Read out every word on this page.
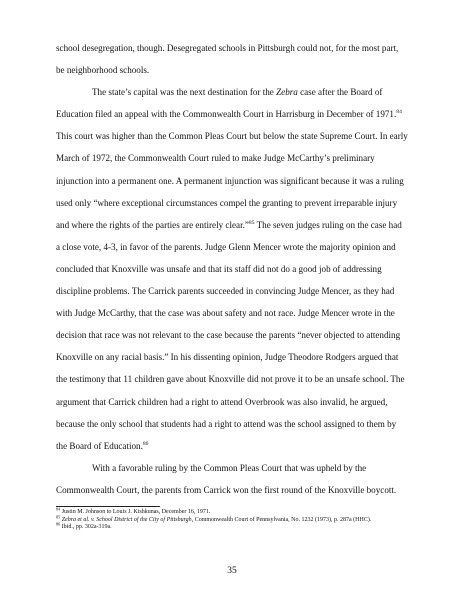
school desegregation, though. Desegregated schools in Pittsburgh could not, for the most part, be neighborhood schools.

The state’s capital was the next destination for the Zebra case after the Board of Education filed an appeal with the Commonwealth Court in Harrisburg in December of 1971.84 This court was higher than the Common Pleas Court but below the state Supreme Court. In early March of 1972, the Commonwealth Court ruled to make Judge McCarthy’s preliminary injunction into a permanent one. A permanent injunction was significant because it was a ruling used only “where exceptional circumstances compel the granting to prevent irreparable injury and where the rights of the parties are entirely clear.”$^{85}$ The seven judges ruling on the case had a close vote, 4-3, in favor of the parents. Judge Glenn Mencer wrote the majority opinion and concluded that Knoxville was unsafe and that its staff did not do a good job of addressing discipline problems. The Carrick parents succeeded in convincing Judge Mencer, as they had with Judge McCarthy, that the case was about safety and not race. Judge Mencer wrote in the decision that race was not relevant to the case because the parents “never objected to attending Knoxville on any racial basis.” In his dissenting opinion, Judge Theodore Rodgers argued that the testimony that 11 children gave about Knoxville did not prove it to be an unsafe school. The argument that Carrick children had a right to attend Overbrook was also invalid, he argued, because the only school that students had a right to attend was the school assigned to them by the Board of Education.$^{86}$

With a favorable ruling by the Common Pleas Court that was upheld by the Commonwealth Court, the parents from Carrick won the first round of the Knoxville boycott.

$^{84}$ Justin M. Johnson to Louis J. Kishkunas, December 16, 1971.
$^{85}$ Zebra et al. v. School District of the City of Pittsburgh, Commonwealth Court of Pennsylvania, No. 1232 (1973), p. 287a (HHC).
$^{86}$ Ibid., pp. 302a-319a.
35
